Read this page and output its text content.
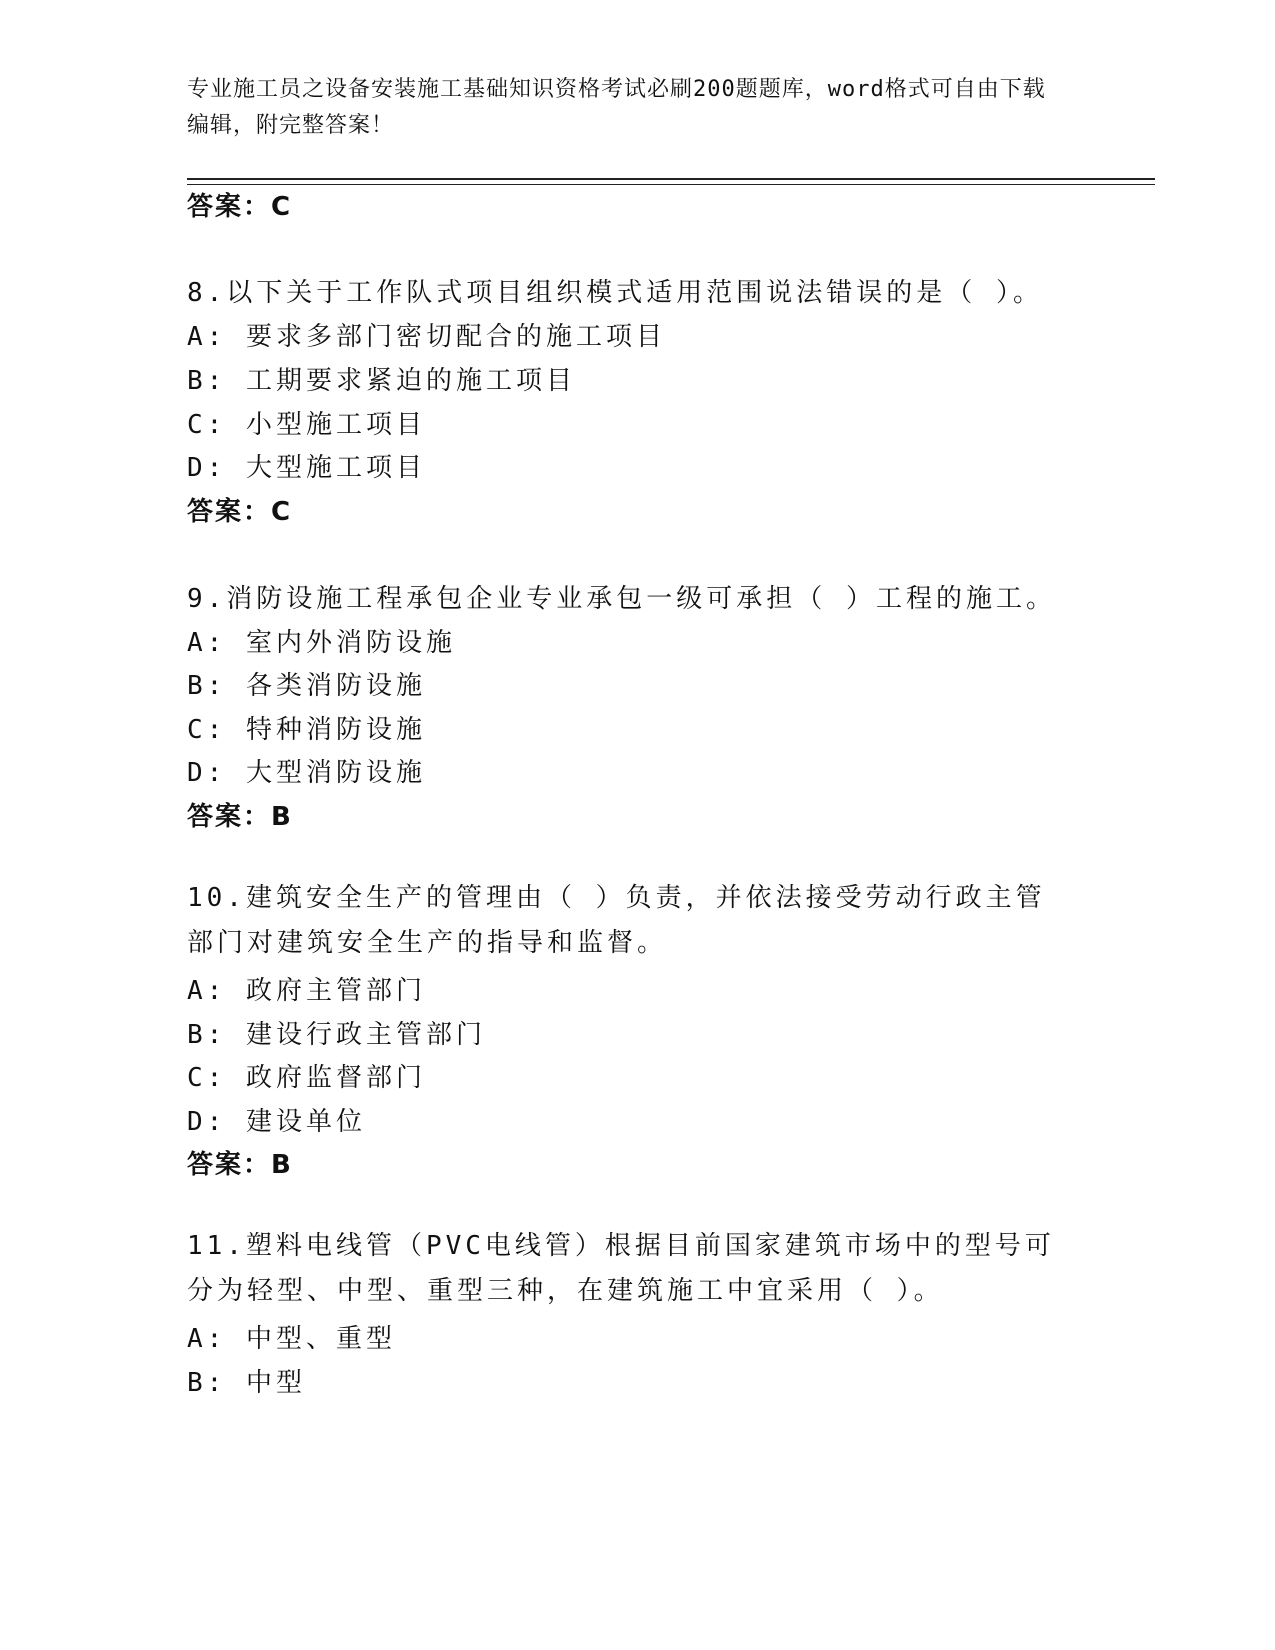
专业施工员之设备安装施工基础知识资格考试必刷200题题库，word格式可自由下载编辑，附完整答案！
答案：C
8.以下关于工作队式项目组织模式适用范围说法错误的是（ ）。
A: 要求多部门密切配合的施工项目
B: 工期要求紧迫的施工项目
C: 小型施工项目
D: 大型施工项目
答案：C
9.消防设施工程承包企业专业承包一级可承担（ ）工程的施工。
A: 室内外消防设施
B: 各类消防设施
C: 特种消防设施
D: 大型消防设施
答案：B
10.建筑安全生产的管理由（ ）负责，并依法接受劳动行政主管部门对建筑安全生产的指导和监督。
A: 政府主管部门
B: 建设行政主管部门
C: 政府监督部门
D: 建设单位
答案：B
11.塑料电线管（PVC电线管）根据目前国家建筑市场中的型号可分为轻型、中型、重型三种，在建筑施工中宜采用（ ）。
A: 中型、重型
B: 中型
